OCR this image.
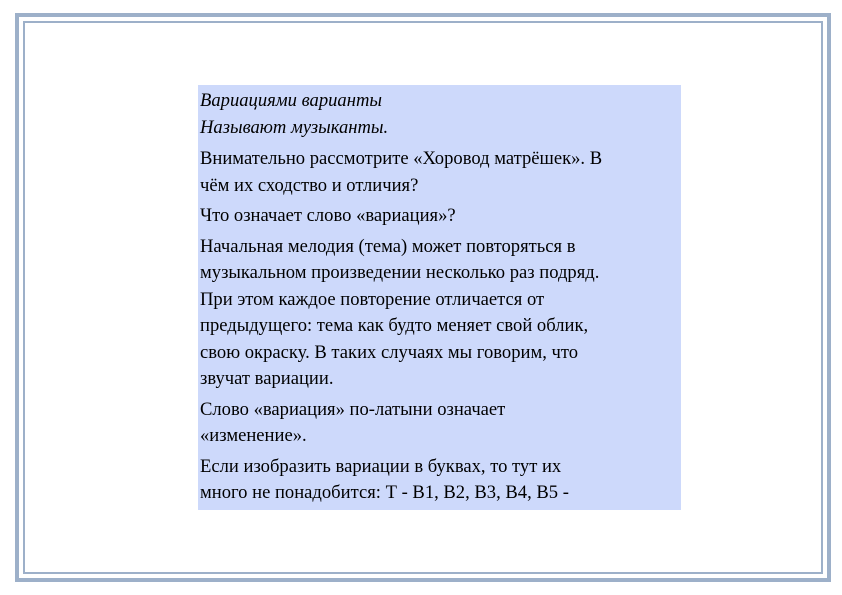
Вариациями варианты
Называют музыканты.
Внимательно рассмотрите «Хоровод матрёшек». В
чём их сходство и отличия?
Что означает слово «вариация»?
Начальная мелодия (тема) может повторяться в
музыкальном произведении несколько раз подряд.
При этом каждое повторение отличается от
предыдущего: тема как будто меняет свой облик,
свою окраску. В таких случаях мы говорим, что
звучат вариации.
Слово «вариация» по-латыни означает
«изменение».
Если изобразить вариации в буквах, то тут их
много не понадобится: Т - В1, В2, В3, В4, В5 -
